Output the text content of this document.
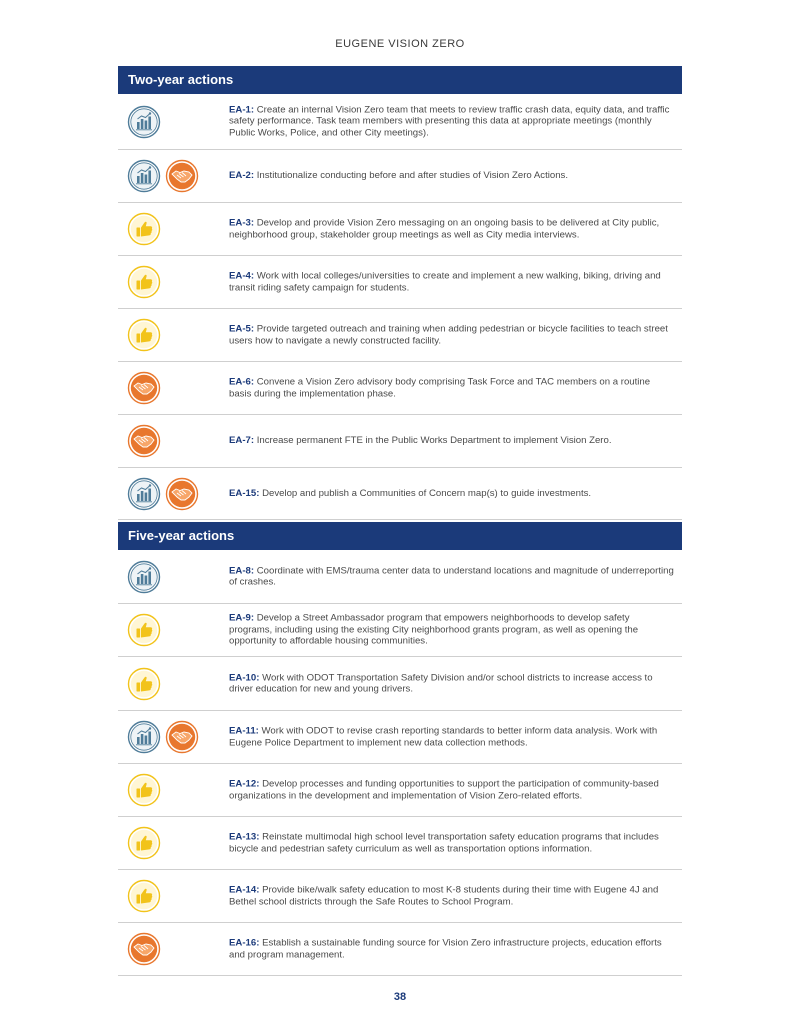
EUGENE VISION ZERO
Two-year actions
EA-1: Create an internal Vision Zero team that meets to review traffic crash data, equity data, and traffic safety performance. Task team members with presenting this data at appropriate meetings (monthly Public Works, Police, and other City meetings).
EA-2: Institutionalize conducting before and after studies of Vision Zero Actions.
EA-3: Develop and provide Vision Zero messaging on an ongoing basis to be delivered at City public, neighborhood group, stakeholder group meetings as well as City media interviews.
EA-4: Work with local colleges/universities to create and implement a new walking, biking, driving and transit riding safety campaign for students.
EA-5: Provide targeted outreach and training when adding pedestrian or bicycle facilities to teach street users how to navigate a newly constructed facility.
EA-6: Convene a Vision Zero advisory body comprising Task Force and TAC members on a routine basis during the implementation phase.
EA-7: Increase permanent FTE in the Public Works Department to implement Vision Zero.
EA-15: Develop and publish a Communities of Concern map(s) to guide investments.
Five-year actions
EA-8: Coordinate with EMS/trauma center data to understand locations and magnitude of underreporting of crashes.
EA-9: Develop a Street Ambassador program that empowers neighborhoods to develop safety programs, including using the existing City neighborhood grants program, as well as opening the opportunity to affordable housing communities.
EA-10: Work with ODOT Transportation Safety Division and/or school districts to increase access to driver education for new and young drivers.
EA-11: Work with ODOT to revise crash reporting standards to better inform data analysis. Work with Eugene Police Department to implement new data collection methods.
EA-12: Develop processes and funding opportunities to support the participation of community-based organizations in the development and implementation of Vision Zero-related efforts.
EA-13: Reinstate multimodal high school level transportation safety education programs that includes bicycle and pedestrian safety curriculum as well as transportation options information.
EA-14: Provide bike/walk safety education to most K-8 students during their time with Eugene 4J and Bethel school districts through the Safe Routes to School Program.
EA-16: Establish a sustainable funding source for Vision Zero infrastructure projects, education efforts and program management.
38
